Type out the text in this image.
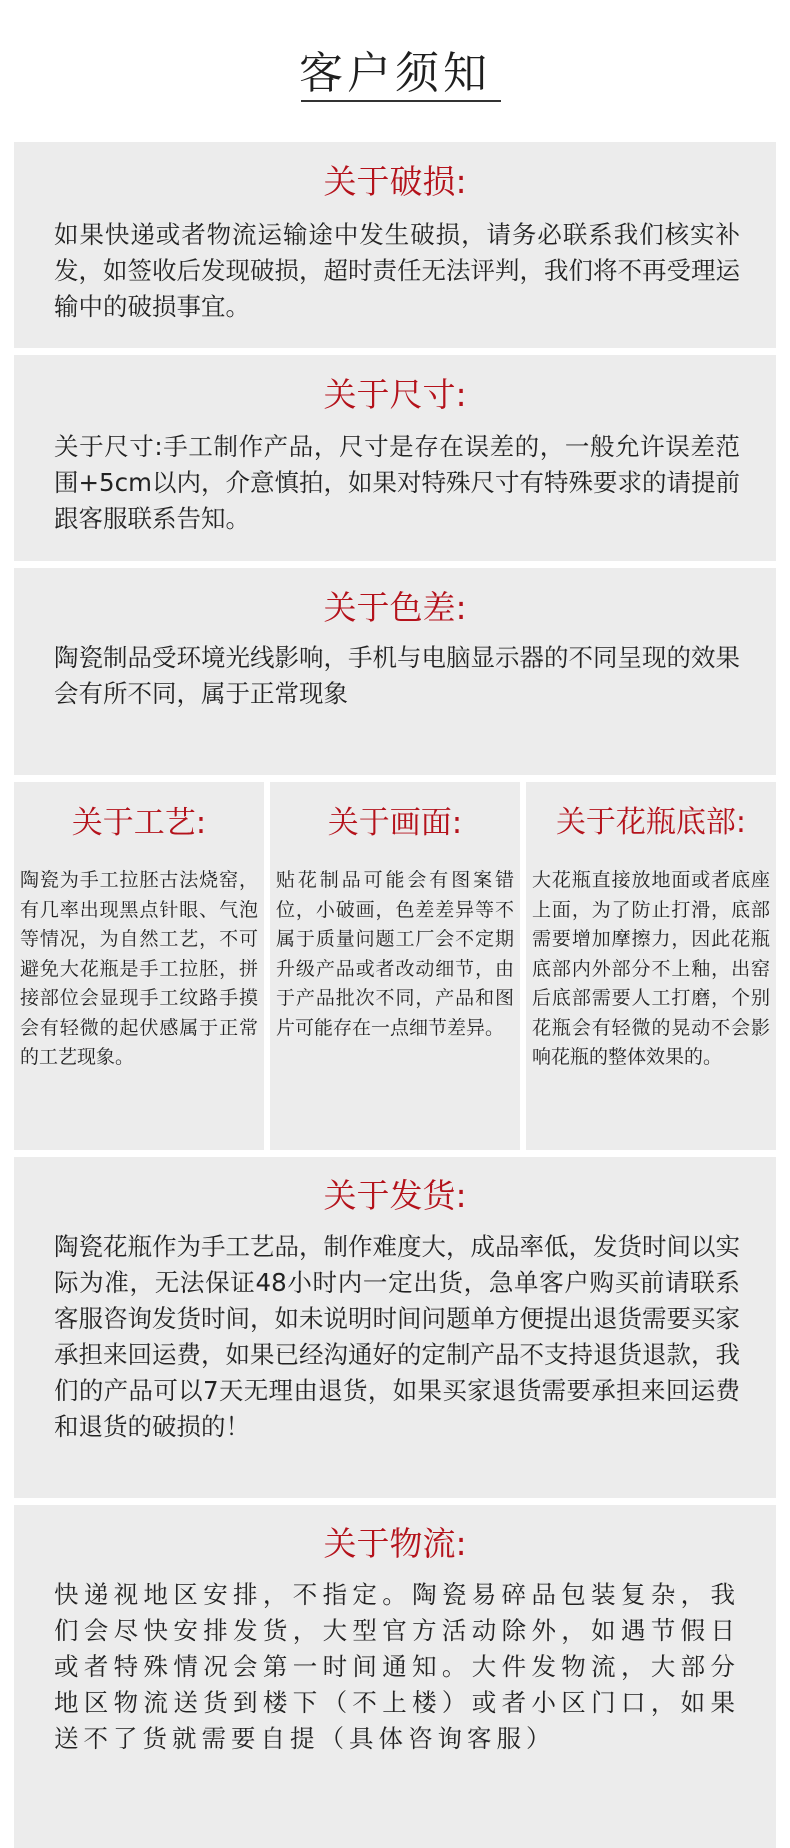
客户须知
关于破损:
如果快递或者物流运输途中发生破损，请务必联系我们核实补发，如签收后发现破损，超时责任无法评判，我们将不再受理运输中的破损事宜。
关于尺寸:
关于尺寸:手工制作产品，尺寸是存在误差的，一般允许误差范围+5cm以内，介意慎拍，如果对特殊尺寸有特殊要求的请提前跟客服联系告知。
关于色差:
陶瓷制品受环境光线影响，手机与电脑显示器的不同呈现的效果会有所不同，属于正常现象
关于工艺:
陶瓷为手工拉胚古法烧窑，有几率出现黑点针眼、气泡等情况，为自然工艺，不可避免大花瓶是手工拉胚，拼接部位会显现手工纹路手摸会有轻微的起伏感属于正常的工艺现象。
关于画面:
贴花制品可能会有图案错位，小破画，色差差异等不属于质量问题工厂会不定期升级产品或者改动细节，由于产品批次不同，产品和图片可能存在一点细节差异。
关于花瓶底部:
大花瓶直接放地面或者底座上面，为了防止打滑，底部需要增加摩擦力，因此花瓶底部内外部分不上釉，出窑后底部需要人工打磨，个别花瓶会有轻微的晃动不会影响花瓶的整体效果的。
关于发货:
陶瓷花瓶作为手工艺品，制作难度大，成品率低，发货时间以实际为准，无法保证48小时内一定出货，急单客户购买前请联系客服咨询发货时间，如未说明时间问题单方便提出退货需要买家承担来回运费，如果已经沟通好的定制产品不支持退货退款，我们的产品可以7天无理由退货，如果买家退货需要承担来回运费和退货的破损的！
关于物流:
快递视地区安排，不指定。陶瓷易碎品包装复杂，我们会尽快安排发货，大型官方活动除外，如遇节假日或者特殊情况会第一时间通知。大件发物流，大部分地区物流送货到楼下（不上楼）或者小区门口，如果送不了货就需要自提（具体咨询客服）
